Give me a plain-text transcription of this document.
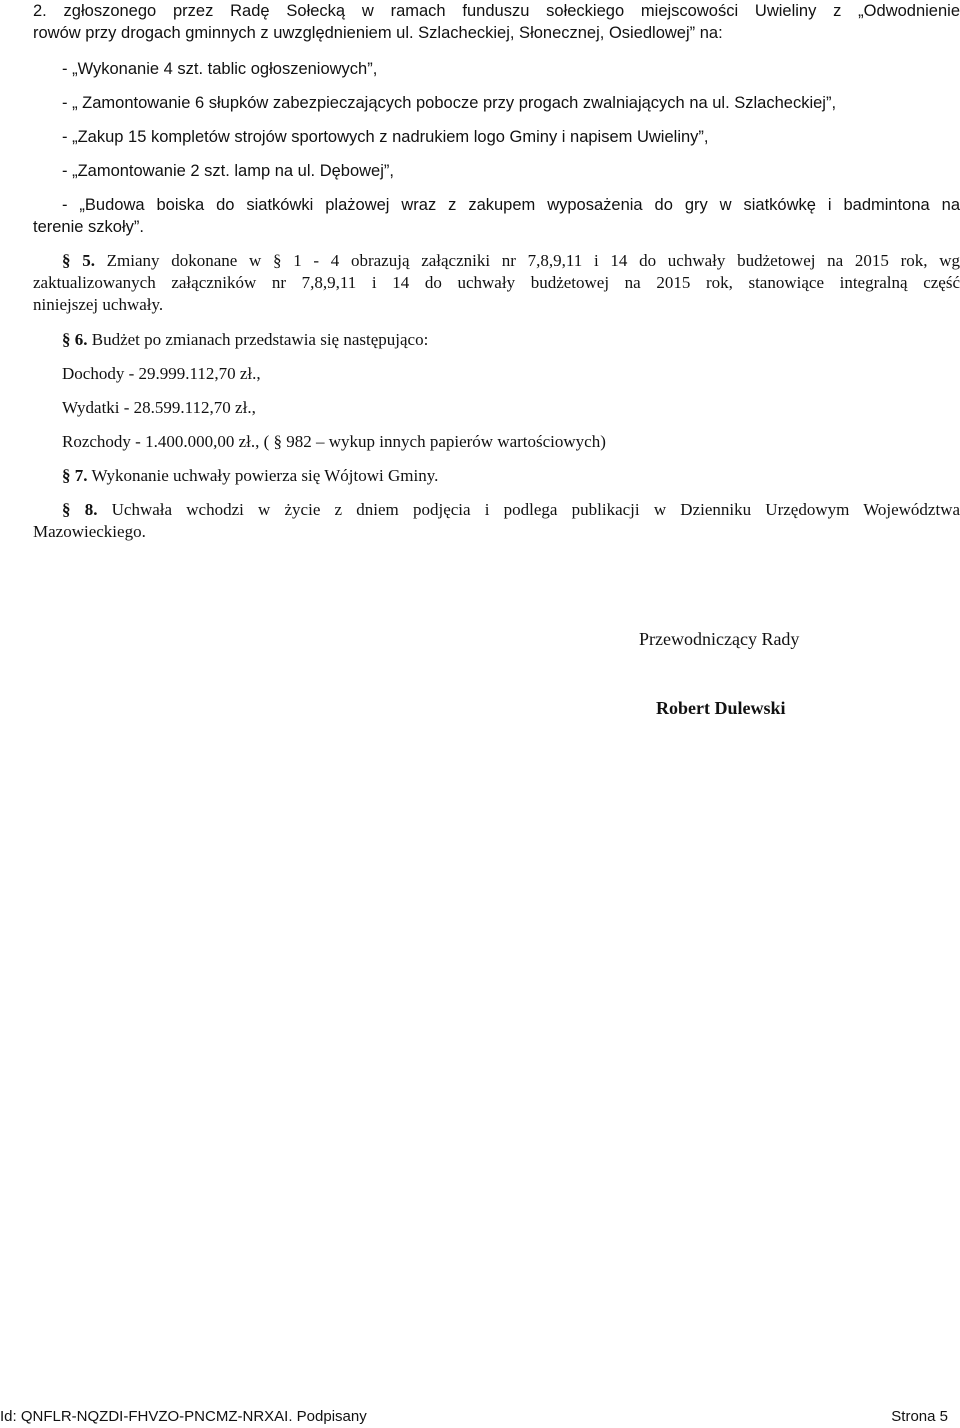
2. zgłoszonego przez Radę Sołecką w ramach funduszu sołeckiego miejscowości Uwieliny z „Odwodnienie
rowów przy drogach gminnych z uwzględnieniem ul. Szlacheckiej, Słonecznej, Osiedlowej” na:
- „Wykonanie 4 szt. tablic ogłoszeniowych”,
- „ Zamontowanie 6 słupków zabezpieczających pobocze przy progach zwalniających na ul. Szlacheckiej”,
- „Zakup 15 kompletów strojów sportowych z nadrukiem logo Gminy i napisem Uwieliny”,
- „Zamontowanie 2 szt. lamp na ul. Dębowej”,
- „Budowa boiska do siatkówki plażowej wraz z zakupem wyposażenia do gry w siatkówkę i badmintona na
terenie szkoły”.
§ 5. Zmiany dokonane w § 1 - 4 obrazują załączniki nr 7,8,9,11 i 14 do uchwały budżetowej na 2015 rok, wg
zaktualizowanych załączników nr 7,8,9,11 i 14 do uchwały budżetowej na 2015 rok, stanowiące integralną część
niniejszej uchwały.
§ 6. Budżet po zmianach przedstawia się następująco:
Dochody - 29.999.112,70 zł.,
Wydatki - 28.599.112,70 zł.,
Rozchody - 1.400.000,00 zł., ( § 982 – wykup innych papierów wartościowych)
§ 7. Wykonanie uchwały powierza się Wójtowi Gminy.
§ 8. Uchwała wchodzi w życie z dniem podjęcia i podlega publikacji w Dzienniku Urzędowym Województwa
Mazowieckiego.
Przewodniczący Rady
Robert Dulewski
Id: QNFLR-NQZDI-FHVZO-PNCMZ-NRXAI. Podpisany	Strona 5
